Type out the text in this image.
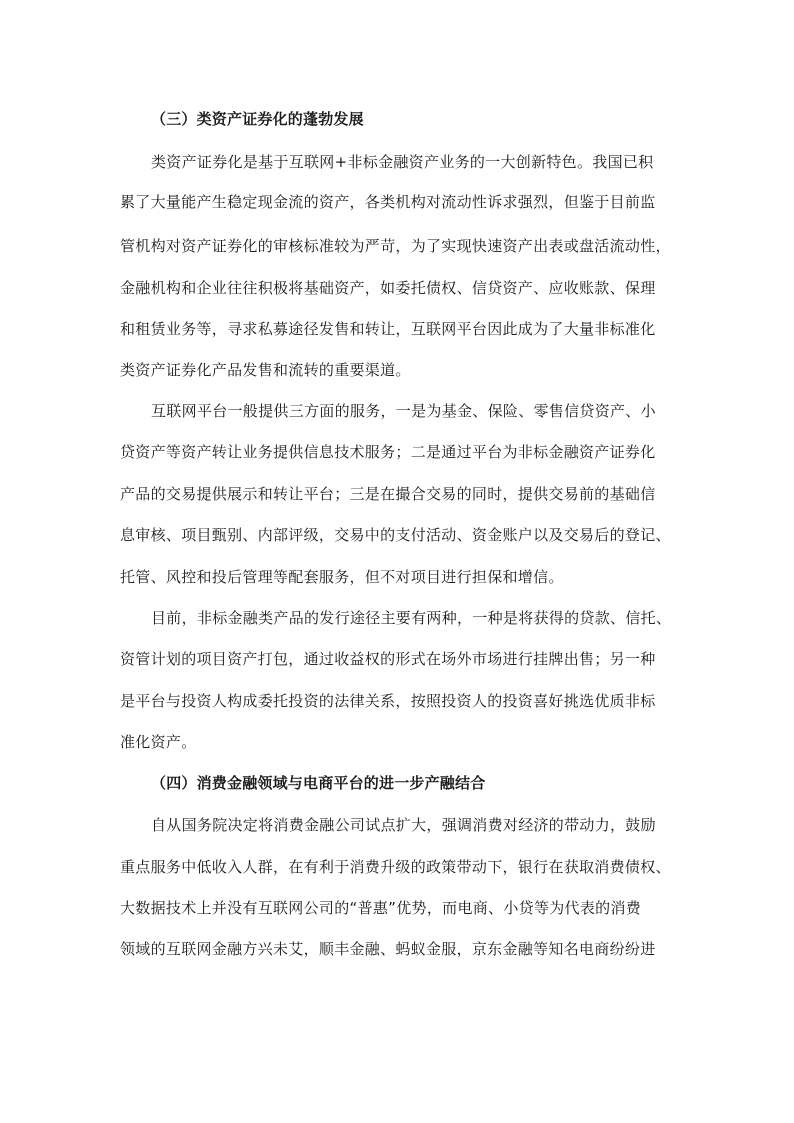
（三）类资产证券化的蓬勃发展
类资产证券化是基于互联网+非标金融资产业务的一大创新特色。我国已积
累了大量能产生稳定现金流的资产，各类机构对流动性诉求强烈，但鉴于目前监
管机构对资产证券化的审核标准较为严苛，为了实现快速资产出表或盘活流动性，
金融机构和企业往往积极将基础资产，如委托债权、信贷资产、应收账款、保理
和租赁业务等，寻求私募途径发售和转让，互联网平台因此成为了大量非标准化
类资产证券化产品发售和流转的重要渠道。
互联网平台一般提供三方面的服务，一是为基金、保险、零售信贷资产、小
贷资产等资产转让业务提供信息技术服务；二是通过平台为非标金融资产证券化
产品的交易提供展示和转让平台；三是在撮合交易的同时，提供交易前的基础信
息审核、项目甄别、内部评级，交易中的支付活动、资金账户以及交易后的登记、
托管、风控和投后管理等配套服务，但不对项目进行担保和增信。
目前，非标金融类产品的发行途径主要有两种，一种是将获得的贷款、信托、
资管计划的项目资产打包，通过收益权的形式在场外市场进行挂牌出售；另一种
是平台与投资人构成委托投资的法律关系，按照投资人的投资喜好挑选优质非标
准化资产。
（四）消费金融领域与电商平台的进一步产融结合
自从国务院决定将消费金融公司试点扩大，强调消费对经济的带动力，鼓励
重点服务中低收入人群，在有利于消费升级的政策带动下，银行在获取消费债权、
大数据技术上并没有互联网公司的“普惠”优势，而电商、小贷等为代表的消费
领域的互联网金融方兴未艾，顺丰金融、蚂蚁金服，京东金融等知名电商纷纷进
